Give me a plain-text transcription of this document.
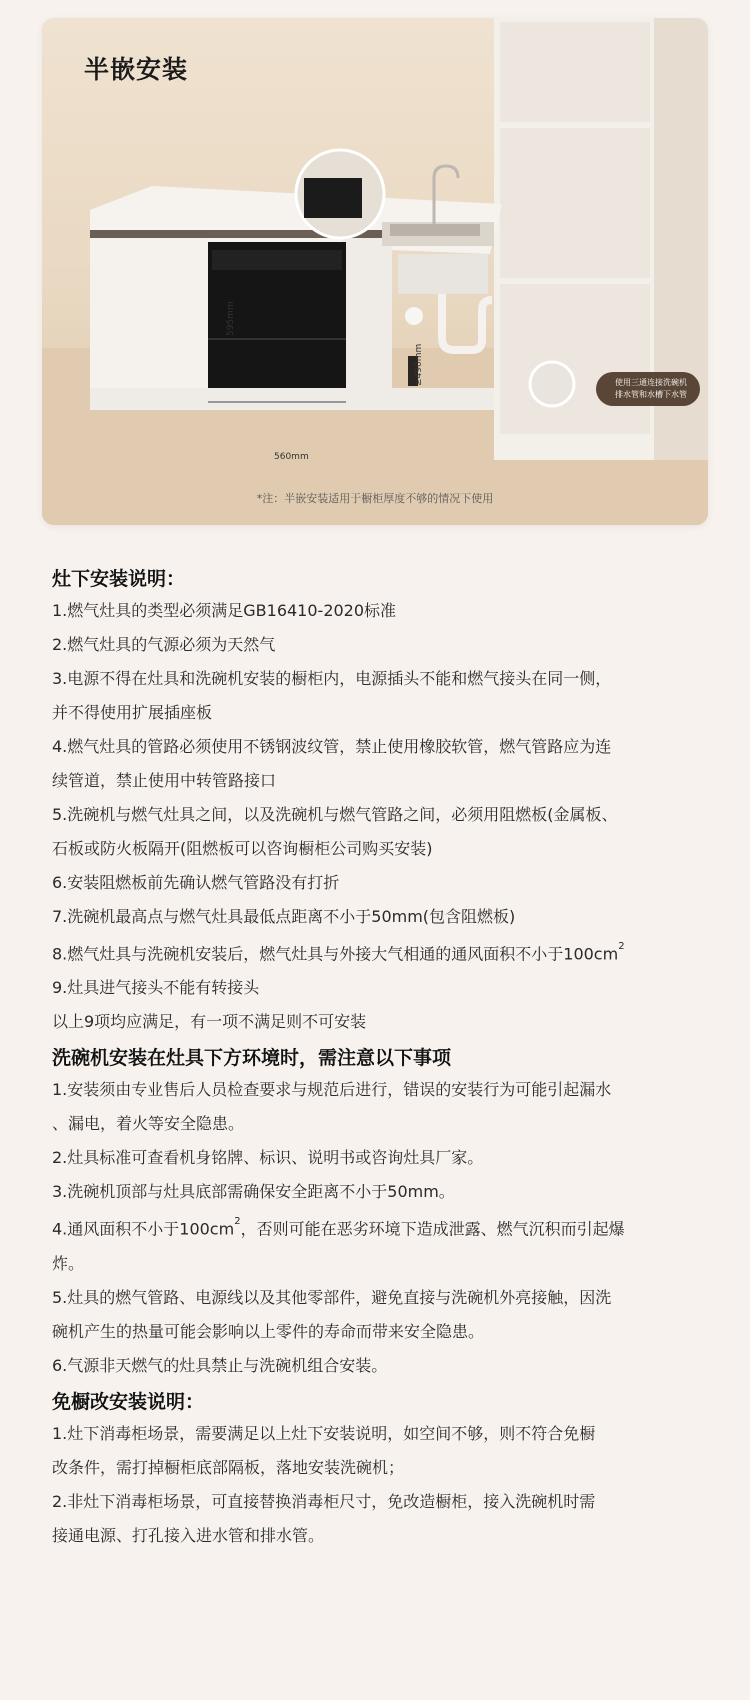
半嵌安装
595mm
≥490mm
560mm
使用三通连接洗碗机
排水管和水槽下水管
*注：半嵌安装适用于橱柜厚度不够的情况下使用
灶下安装说明：
1.燃气灶具的类型必须满足GB16410-2020标准
2.燃气灶具的气源必须为天然气
3.电源不得在灶具和洗碗机安装的橱柜内，电源插头不能和燃气接头在同一侧，
并不得使用扩展插座板
4.燃气灶具的管路必须使用不锈钢波纹管，禁止使用橡胶软管，燃气管路应为连
续管道，禁止使用中转管路接口
5.洗碗机与燃气灶具之间，以及洗碗机与燃气管路之间，必须用阻燃板(金属板、
石板或防火板隔开(阻燃板可以咨询橱柜公司购买安装)
6.安装阻燃板前先确认燃气管路没有打折
7.洗碗机最高点与燃气灶具最低点距离不小于50mm(包含阻燃板)
8.燃气灶具与洗碗机安装后，燃气灶具与外接大气相通的通风面积不小于$100cm^2$
9.灶具进气接头不能有转接头
以上9项均应满足，有一项不满足则不可安装
洗碗机安装在灶具下方环境时，需注意以下事项
1.安装须由专业售后人员检查要求与规范后进行，错误的安装行为可能引起漏水
、漏电，着火等安全隐患。
2.灶具标准可查看机身铭牌、标识、说明书或咨询灶具厂家。
3.洗碗机顶部与灶具底部需确保安全距离不小于50mm。
4.通风面积不小于$100cm^2$，否则可能在恶劣环境下造成泄露、燃气沉积而引起爆
炸。
5.灶具的燃气管路、电源线以及其他零部件，避免直接与洗碗机外亮接触，因洗
碗机产生的热量可能会影响以上零件的寿命而带来安全隐患。
6.气源非天燃气的灶具禁止与洗碗机组合安装。
免橱改安装说明：
1.灶下消毒柜场景，需要满足以上灶下安装说明，如空间不够，则不符合免橱
改条件，需打掉橱柜底部隔板，落地安装洗碗机；
2.非灶下消毒柜场景，可直接替换消毒柜尺寸，免改造橱柜，接入洗碗机时需
接通电源、打孔接入进水管和排水管。
